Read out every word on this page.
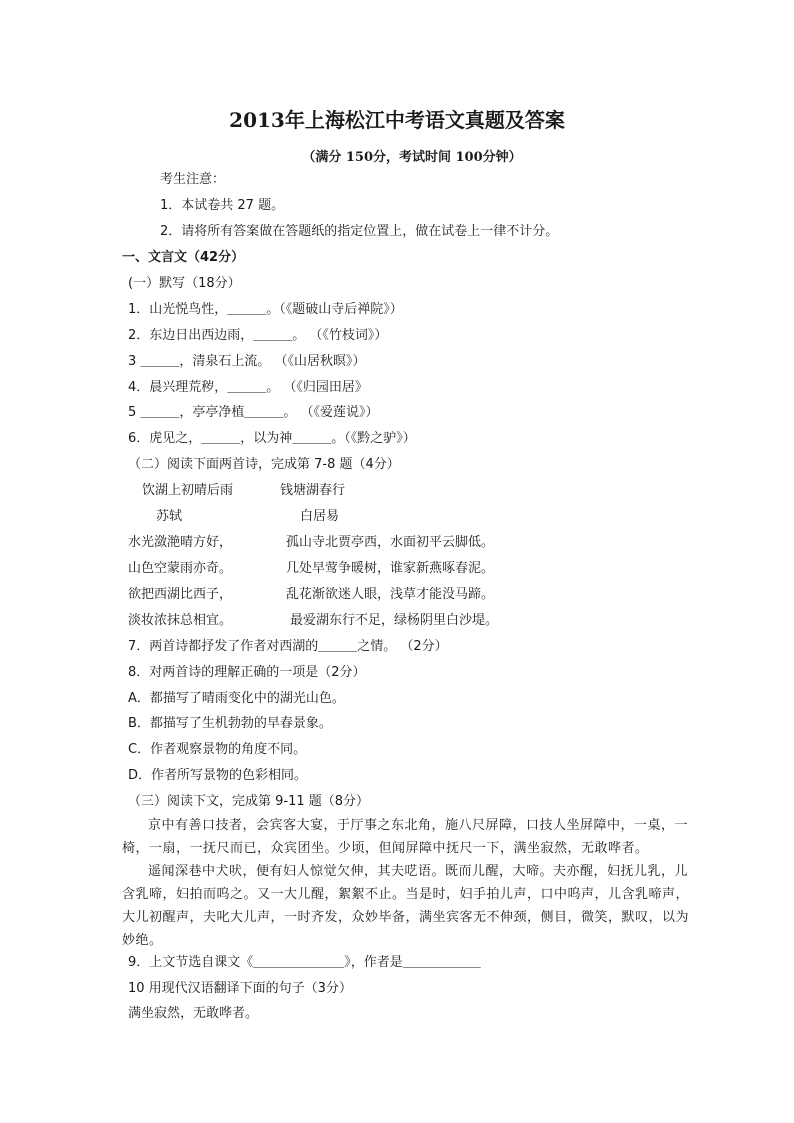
2013年上海松江中考语文真题及答案
（满分 150分，考试时间 100分钟）
考生注意：
1．本试卷共 27 题。
2．请将所有答案做在答题纸的指定位置上，做在试卷上一律不计分。
一、文言文（42分）
(一）默写（18分）
1．山光悦鸟性，＿＿＿。（《题破山寺后禅院》）
2．东边日出西边雨，＿＿＿。 （《竹枝词》）
3 ＿＿＿，清泉石上流。 （《山居秋暝》）
4．晨兴理荒秽，＿＿＿。 （《归园田居》
5 ＿＿＿，亭亭净植＿＿＿。 （《爱莲说》）
6．虎见之，＿＿＿，以为神＿＿＿。（《黔之驴》）
（二）阅读下面两首诗，完成第 7-8 题（4分）
饮湖上初晴后雨	钱塘湖春行
苏轼	白居易
水光潋滟晴方好，	孤山寺北贾亭西，水面初平云脚低。
山色空蒙雨亦奇。	几处早莺争暖树，谁家新燕啄春泥。
欲把西湖比西子，	乱花渐欲迷人眼，浅草才能没马蹄。
淡妆浓抹总相宜。	最爱湖东行不足，绿杨阴里白沙堤。
7．两首诗都抒发了作者对西湖的＿＿＿之情。 （2分）
8．对两首诗的理解正确的一项是（2分）
A．都描写了晴雨变化中的湖光山色。
B．都描写了生机勃勃的早春景象。
C．作者观察景物的角度不同。
D．作者所写景物的色彩相同。
（三）阅读下文，完成第 9-11 题（8分）
京中有善口技者，会宾客大宴，于厅事之东北角，施八尺屏障，口技人坐屏障中，一桌，一椅，一扇，一抚尺而已，众宾团坐。少顷，但闻屏障中抚尺一下，满坐寂然，无敢哗者。
遥闻深巷中犬吠，便有妇人惊觉欠伸，其夫呓语。既而儿醒，大啼。夫亦醒，妇抚儿乳，儿含乳啼，妇拍而呜之。又一大儿醒，絮絮不止。当是时，妇手拍儿声，口中呜声，儿含乳啼声，大儿初醒声，夫叱大儿声，一时齐发，众妙毕备，满坐宾客无不伸颈，侧目，微笑，默叹，以为妙绝。
9．上文节选自课文《＿＿＿＿＿＿＿》，作者是＿＿＿＿＿＿
10 用现代汉语翻译下面的句子（3分）
满坐寂然，无敢哗者。
